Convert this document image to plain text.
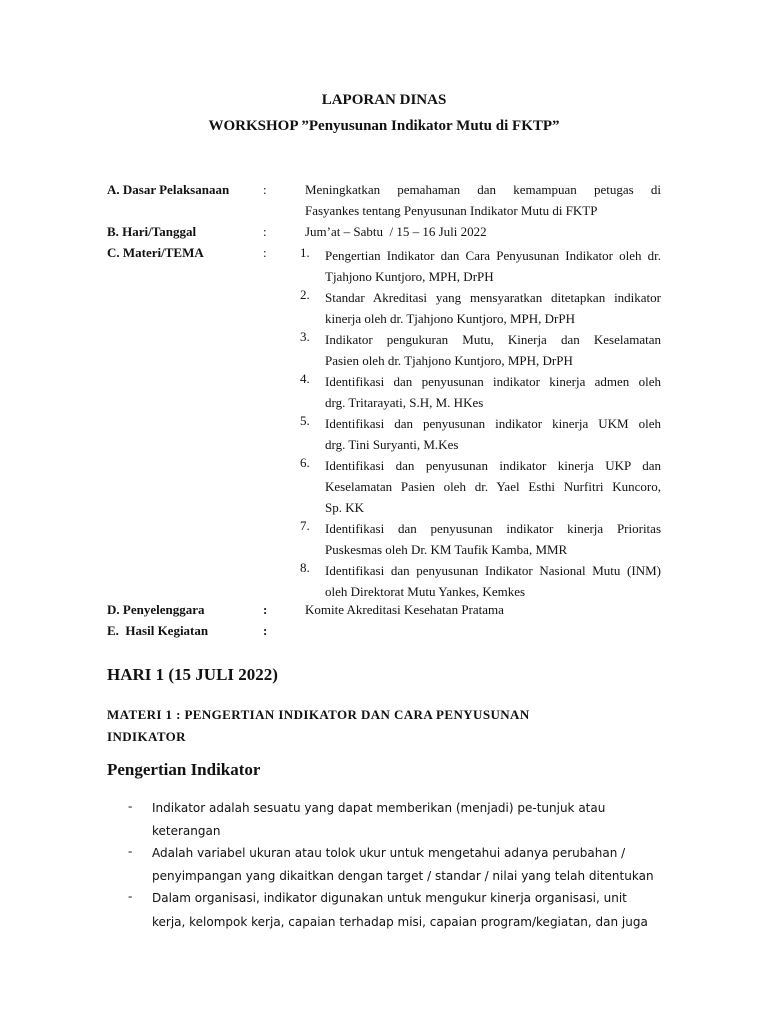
LAPORAN DINAS
WORKSHOP ”Penyusunan Indikator Mutu di FKTP”
A. Dasar Pelaksanaan	:	Meningkatkan pemahaman dan kemampuan petugas di
Fasyankes tentang Penyusunan Indikator Mutu di FKTP
B. Hari/Tanggal	:	Jum’at – Sabtu  / 15 – 16 Juli 2022
C. Materi/TEMA	:	1.	Pengertian Indikator dan Cara Penyusunan Indikator oleh dr.
Tjahjono Kuntjoro, MPH, DrPH
2.	Standar Akreditasi yang mensyaratkan ditetapkan indikator
kinerja oleh dr. Tjahjono Kuntjoro, MPH, DrPH
3.	Indikator pengukuran Mutu, Kinerja dan Keselamatan
Pasien oleh dr. Tjahjono Kuntjoro, MPH, DrPH
4.	Identifikasi dan penyusunan indikator kinerja admen oleh
drg. Tritarayati, S.H, M. HKes
5.	Identifikasi dan penyusunan indikator kinerja UKM oleh
drg. Tini Suryanti, M.Kes
6.	Identifikasi dan penyusunan indikator kinerja UKP dan
Keselamatan Pasien oleh dr. Yael Esthi Nurfitri Kuncoro,
Sp. KK
7.	Identifikasi dan penyusunan indikator kinerja Prioritas
Puskesmas oleh Dr. KM Taufik Kamba, MMR
8.	Identifikasi dan penyusunan Indikator Nasional Mutu (INM)
oleh Direktorat Mutu Yankes, Kemkes
D. Penyelenggara	:	Komite Akreditasi Kesehatan Pratama
E.  Hasil Kegiatan	:
HARI 1 (15 JULI 2022)
MATERI 1 : PENGERTIAN INDIKATOR DAN CARA PENYUSUNAN
INDIKATOR
Pengertian Indikator
- Indikator adalah sesuatu yang dapat memberikan (menjadi) pe-tunjuk atau
keterangan
- Adalah variabel ukuran atau tolok ukur untuk mengetahui adanya perubahan /
penyimpangan yang dikaitkan dengan target / standar / nilai yang telah ditentukan
- Dalam organisasi, indikator digunakan untuk mengukur kinerja organisasi, unit
kerja, kelompok kerja, capaian terhadap misi, capaian program/kegiatan, dan juga
